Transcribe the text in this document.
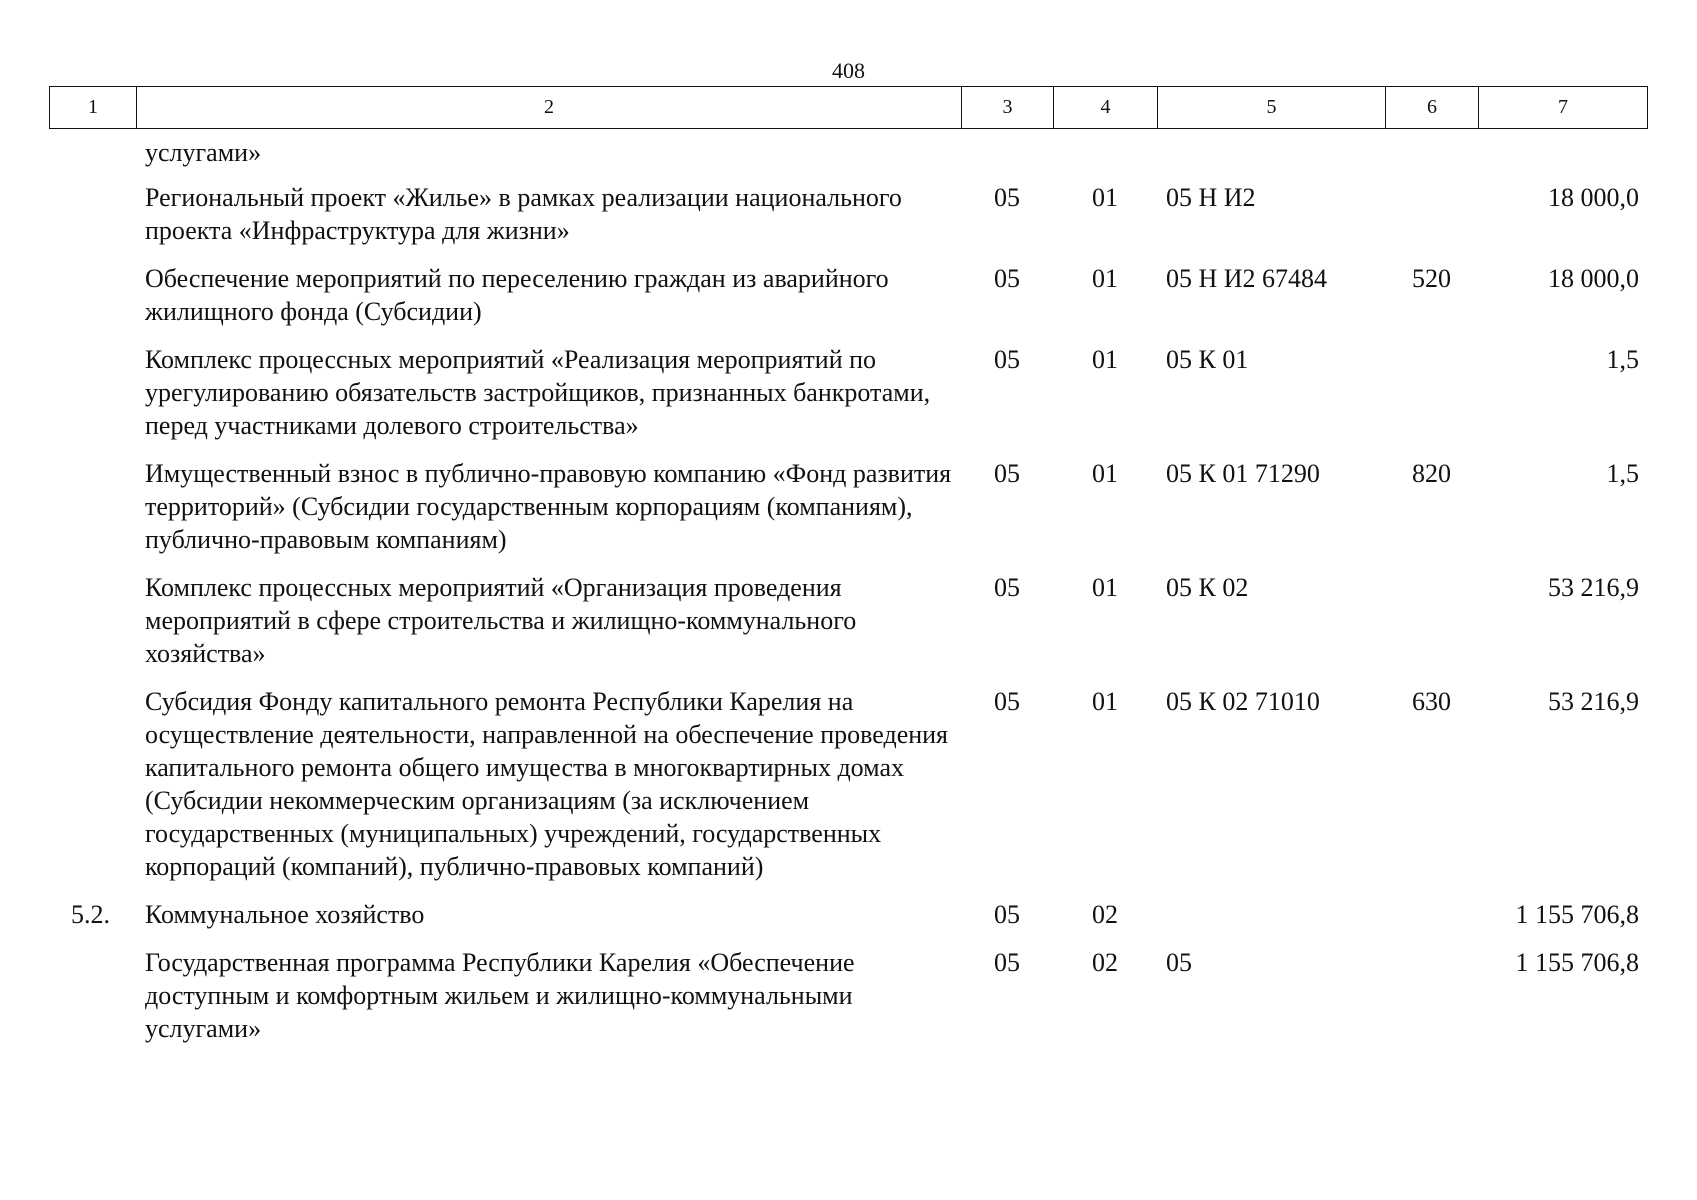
408
1	2	3	4	5	6	7
	услугами»					
	Региональный проект «Жилье» в рамках реализации национального проекта «Инфраструктура для жизни»	05	01	05 Н И2		18 000,0
	Обеспечение мероприятий по переселению граждан из аварийного жилищного фонда (Субсидии)	05	01	05 Н И2 67484	520	18 000,0
	Комплекс процессных мероприятий «Реализация мероприятий по урегулированию обязательств застройщиков, признанных банкротами, перед участниками долевого строительства»	05	01	05 К 01		1,5
	Имущественный взнос в публично-правовую компанию «Фонд развития территорий» (Субсидии государственным корпорациям (компаниям), публично-правовым компаниям)	05	01	05 К 01 71290	820	1,5
	Комплекс процессных мероприятий «Организация проведения мероприятий в сфере строительства и жилищно-коммунального хозяйства»	05	01	05 К 02		53 216,9
	Субсидия Фонду капитального ремонта Республики Карелия на осуществление деятельности, направленной на обеспечение проведения капитального ремонта общего имущества в многоквартирных домах (Субсидии некоммерческим организациям (за исключением государственных (муниципальных) учреждений, государственных корпораций (компаний), публично-правовых компаний)	05	01	05 К 02 71010	630	53 216,9
5.2.	Коммунальное хозяйство	05	02			1 155 706,8
	Государственная программа Республики Карелия «Обеспечение доступным и комфортным жильем и жилищно-коммунальными услугами»	05	02	05		1 155 706,8
